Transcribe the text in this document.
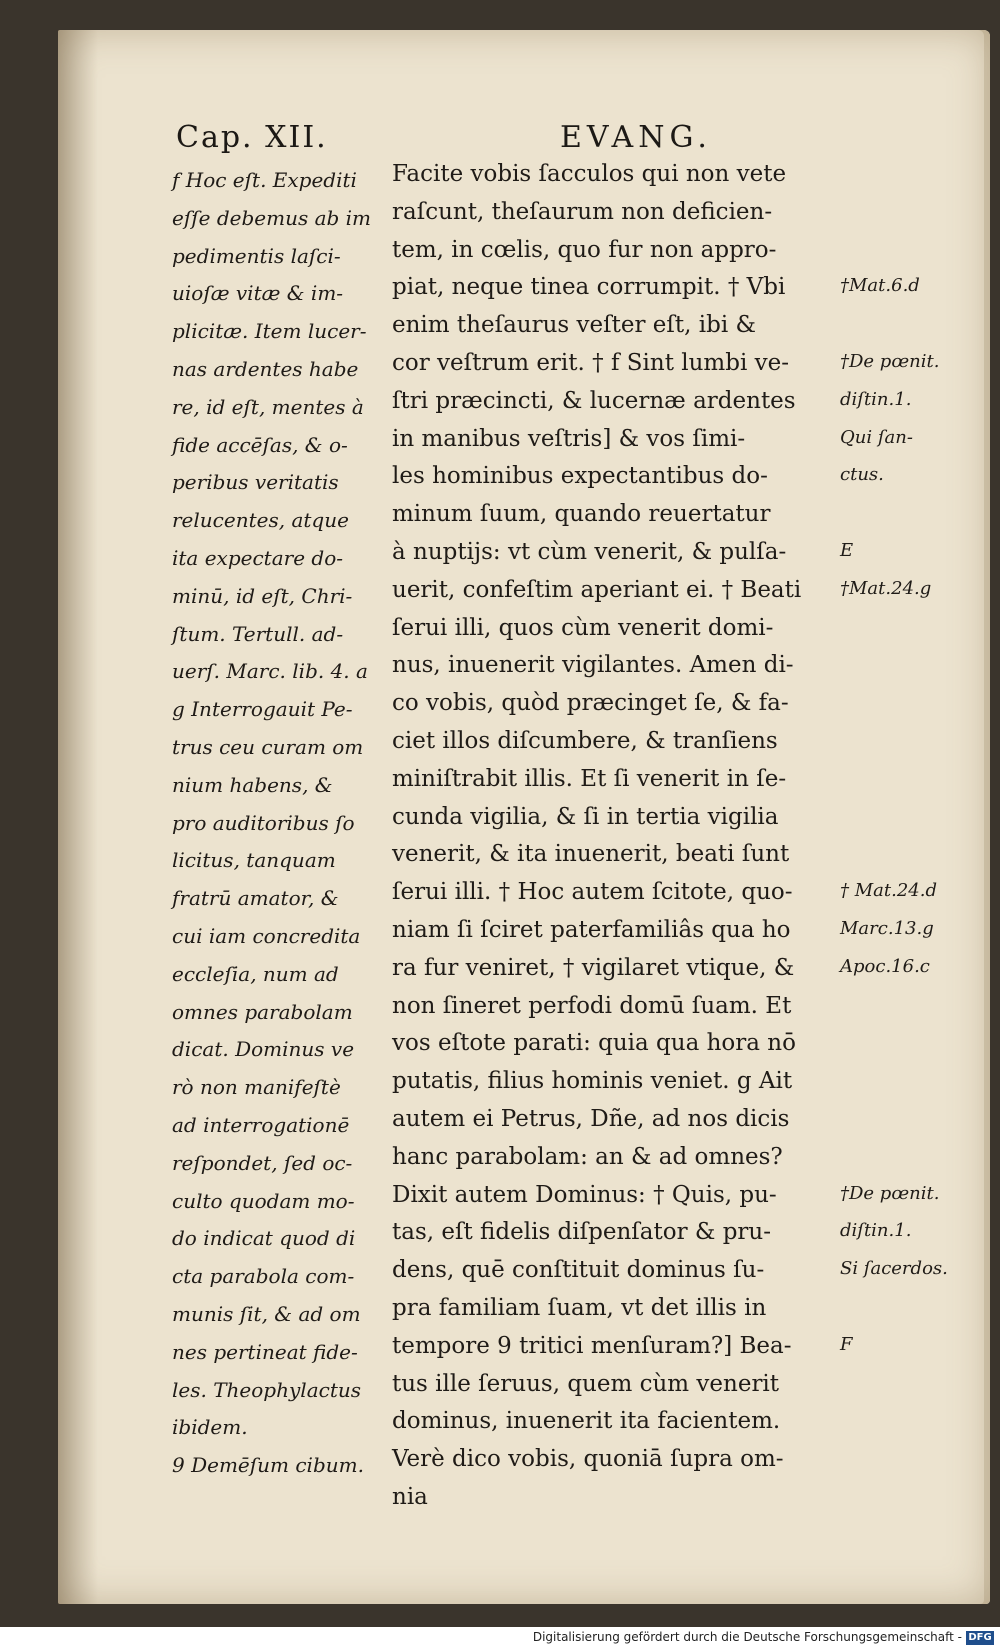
Cap. XII.	EVANG.
f Hoc eſt. Expediti
eſſe debemus ab im
pedimentis laſci-
uioſæ vitæ & im-
plicitæ. Item lucer-
nas ardentes habe
re, id eſt, mentes à
fide accēſas, & o-
peribus veritatis
relucentes, atque
ita expectare do-
minū, id eſt, Chri-
ſtum. Tertull. ad-
uerſ. Marc. lib. 4. a
g Interrogauit Pe-
trus ceu curam om
nium habens, &
pro auditoribus ſo
licitus, tanquam
fratrū amator, &
cui iam concredita
eccleſia, num ad
omnes parabolam
dicat. Dominus ve
rò non manifeſtè
ad interrogationē
reſpondet, ſed oc-
culto quodam mo-
do indicat quod di
cta parabola com-
munis ſit, & ad om
nes pertineat fide-
les. Theophylactus
ibidem.
9 Demēſum cibum.
Facite vobis ſacculos qui non vete
raſcunt, theſaurum non deficien-
tem, in cœlis, quo fur non appro-
piat, neque tinea corrumpit. † Vbi
enim theſaurus veſter eſt, ibi &
cor veſtrum erit. † f Sint lumbi ve-
ſtri præcincti, & lucernæ ardentes
in manibus veſtris] & vos ſimi-
les hominibus expectantibus do-
minum ſuum, quando reuertatur
à nuptijs: vt cùm venerit, & pulſa-
uerit, confeſtim aperiant ei. † Beati
ſerui illi, quos cùm venerit domi-
nus, inuenerit vigilantes. Amen di-
co vobis, quòd præcinget ſe, & fa-
ciet illos diſcumbere, & tranſiens
miniſtrabit illis. Et ſi venerit in ſe-
cunda vigilia, & ſi in tertia vigilia
venerit, & ita inuenerit, beati ſunt
ſerui illi. † Hoc autem ſcitote, quo-
niam ſi ſciret paterfamiliâs qua ho
ra fur veniret, † vigilaret vtique, &
non ſineret perfodi domū ſuam. Et
vos eſtote parati: quia qua hora nō
putatis, filius hominis veniet. g Ait
autem ei Petrus, Dñe, ad nos dicis
hanc parabolam: an & ad omnes?
Dixit autem Dominus: † Quis, pu-
tas, eſt fidelis diſpenſator & pru-
dens, quē conſtituit dominus ſu-
pra familiam ſuam, vt det illis in
tempore 9 tritici menſuram?] Bea-
tus ille ſeruus, quem cùm venerit
dominus, inuenerit ita facientem.
Verè dico vobis, quoniā ſupra om-
nia
†Mat.6.d
†De pœnit.
diſtin.1.
Qui ſan-
ctus.
E
†Mat.24.g
† Mat.24.d
Marc.13.g
Apoc.16.c
†De pœnit.
diſtin.1.
Si ſacerdos.
F
Digitalisierung gefördert durch die Deutsche Forschungsgemeinschaft - DFG
